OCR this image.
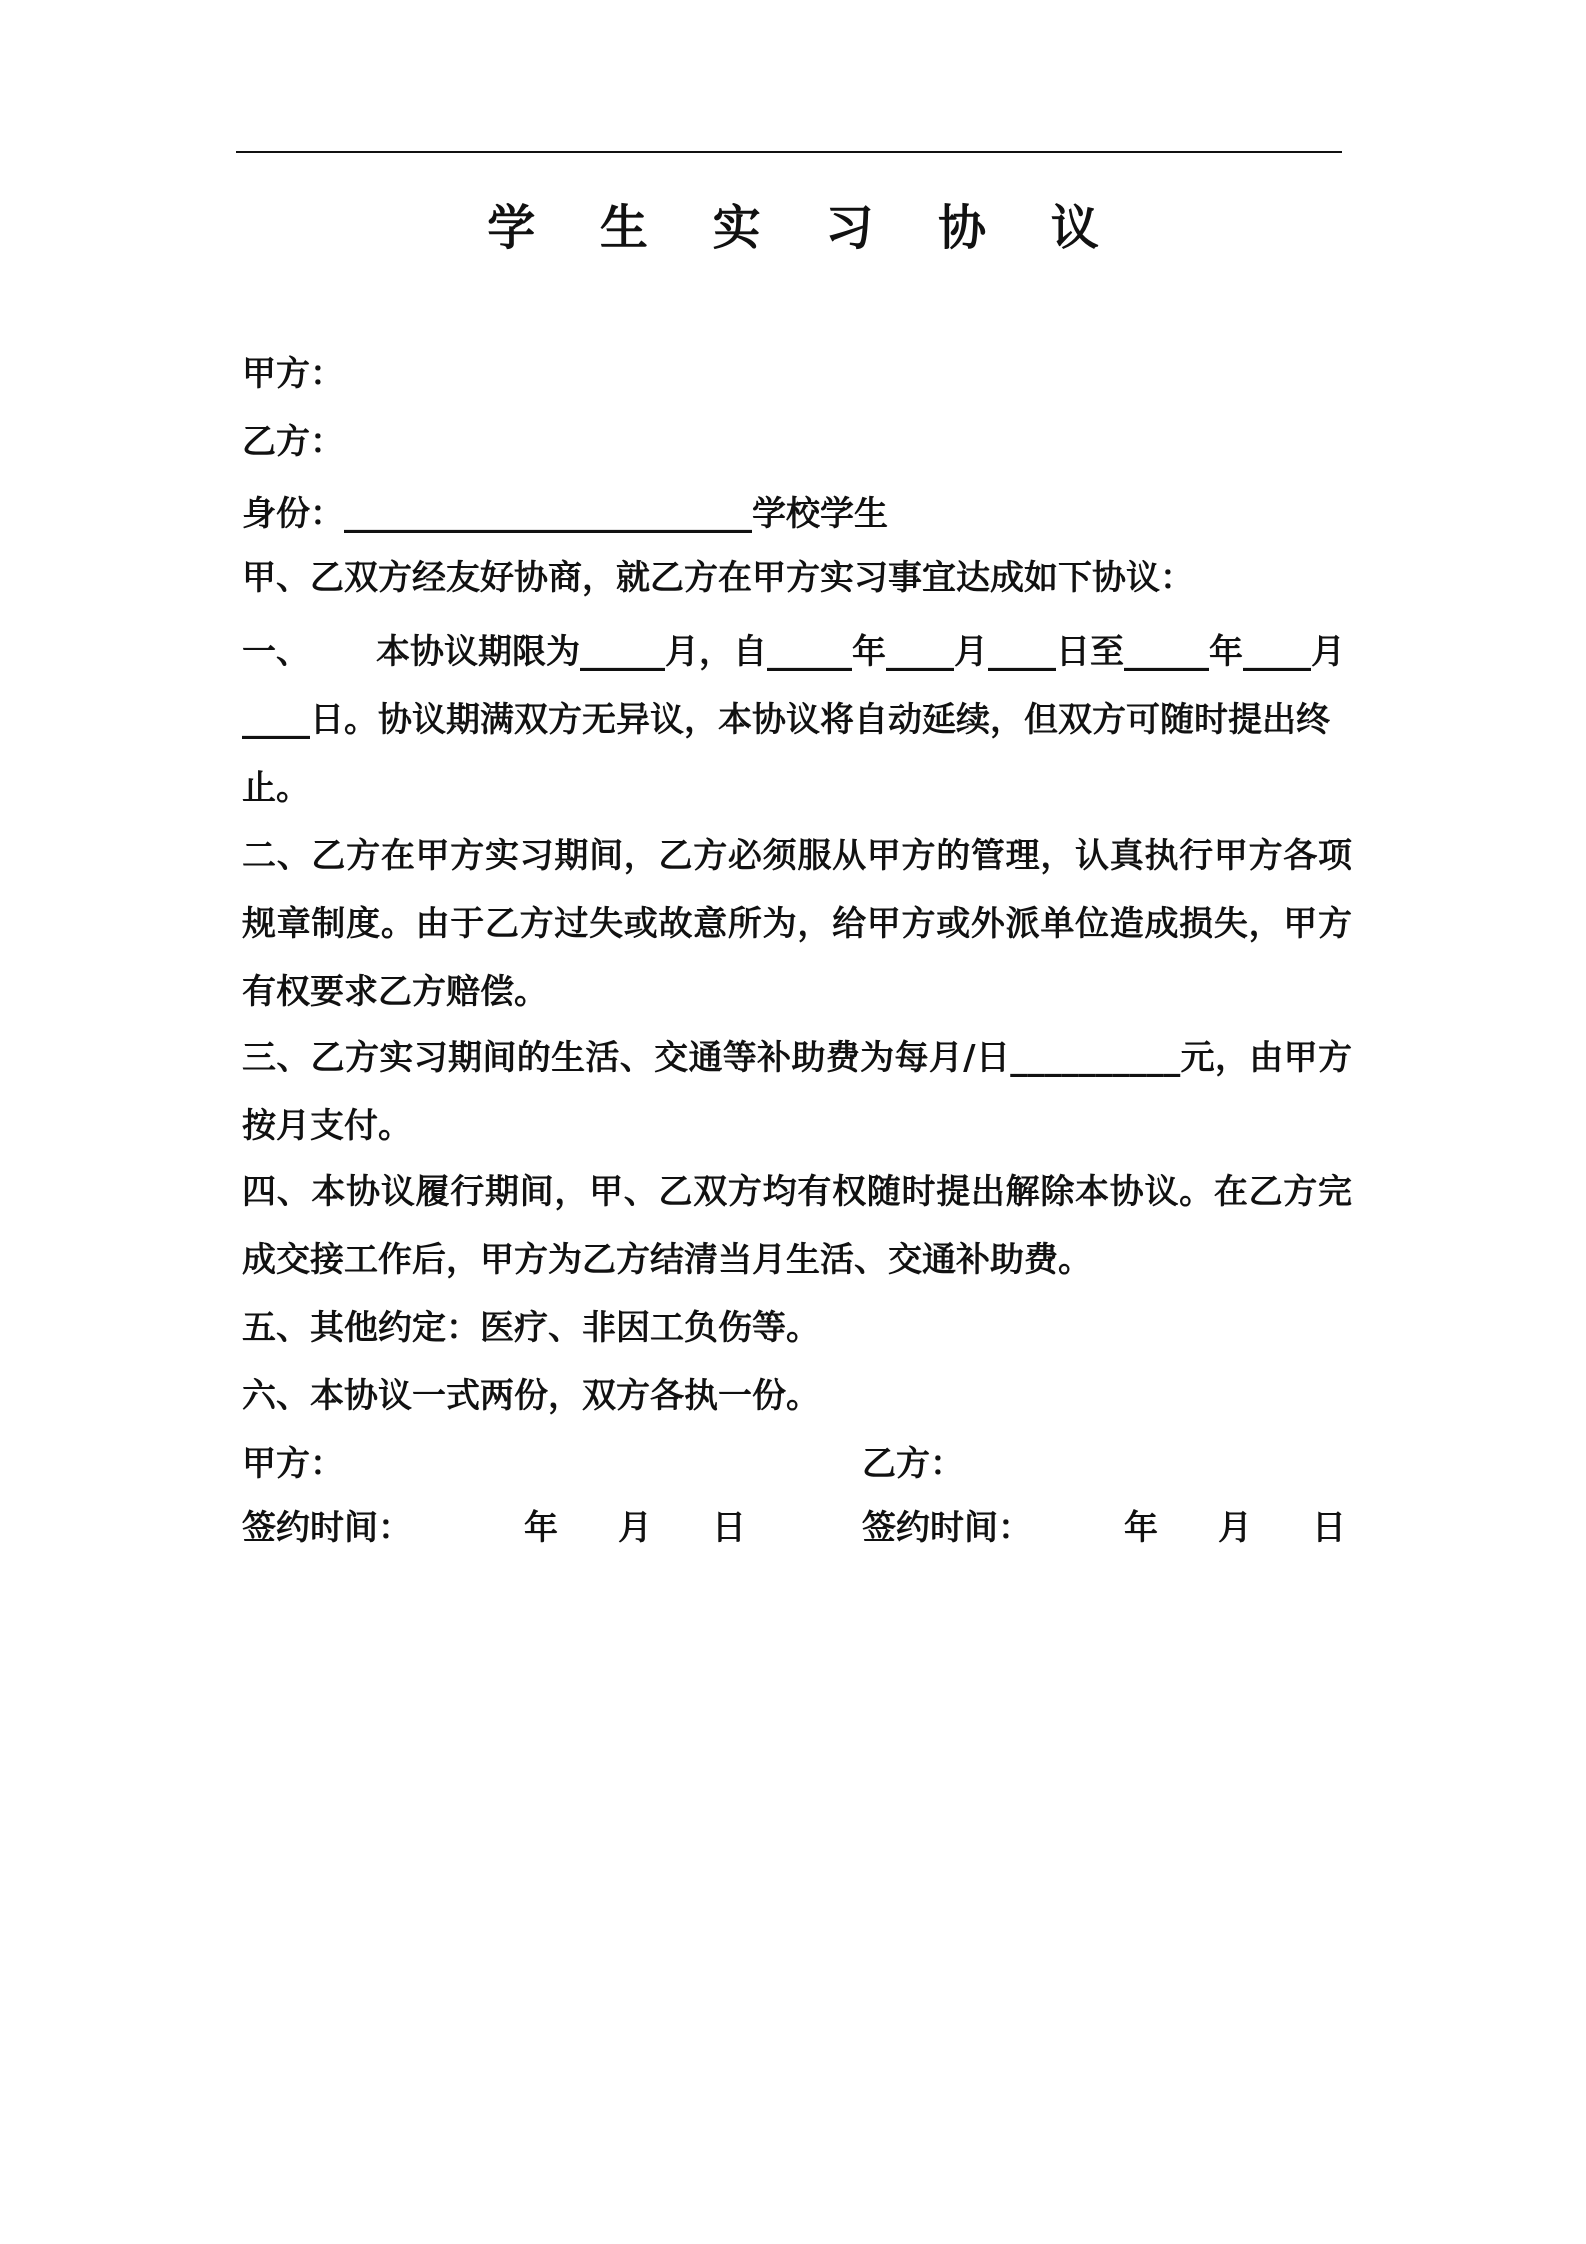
学 生 实 习 协 议
甲方：
乙方：
身份：________________________学校学生
甲、乙双方经友好协商，就乙方在甲方实习事宜达成如下协议：
一、 本协议期限为_____月，自_____年____月____日至_____年____月____日。协议期满双方无异议，本协议将自动延续，但双方可随时提出终止。
二、乙方在甲方实习期间，乙方必须服从甲方的管理，认真执行甲方各项规章制度。由于乙方过失或故意所为，给甲方或外派单位造成损失，甲方有权要求乙方赔偿。
三、乙方实习期间的生活、交通等补助费为每月/日__________元，由甲方按月支付。
四、本协议履行期间，甲、乙双方均有权随时提出解除本协议。在乙方完成交接工作后，甲方为乙方结清当月生活、交通补助费。
五、其他约定：医疗、非因工负伤等。
六、本协议一式两份，双方各执一份。
甲方：	乙方：
签约时间：	年 月 日	签约时间：	年 月 日
